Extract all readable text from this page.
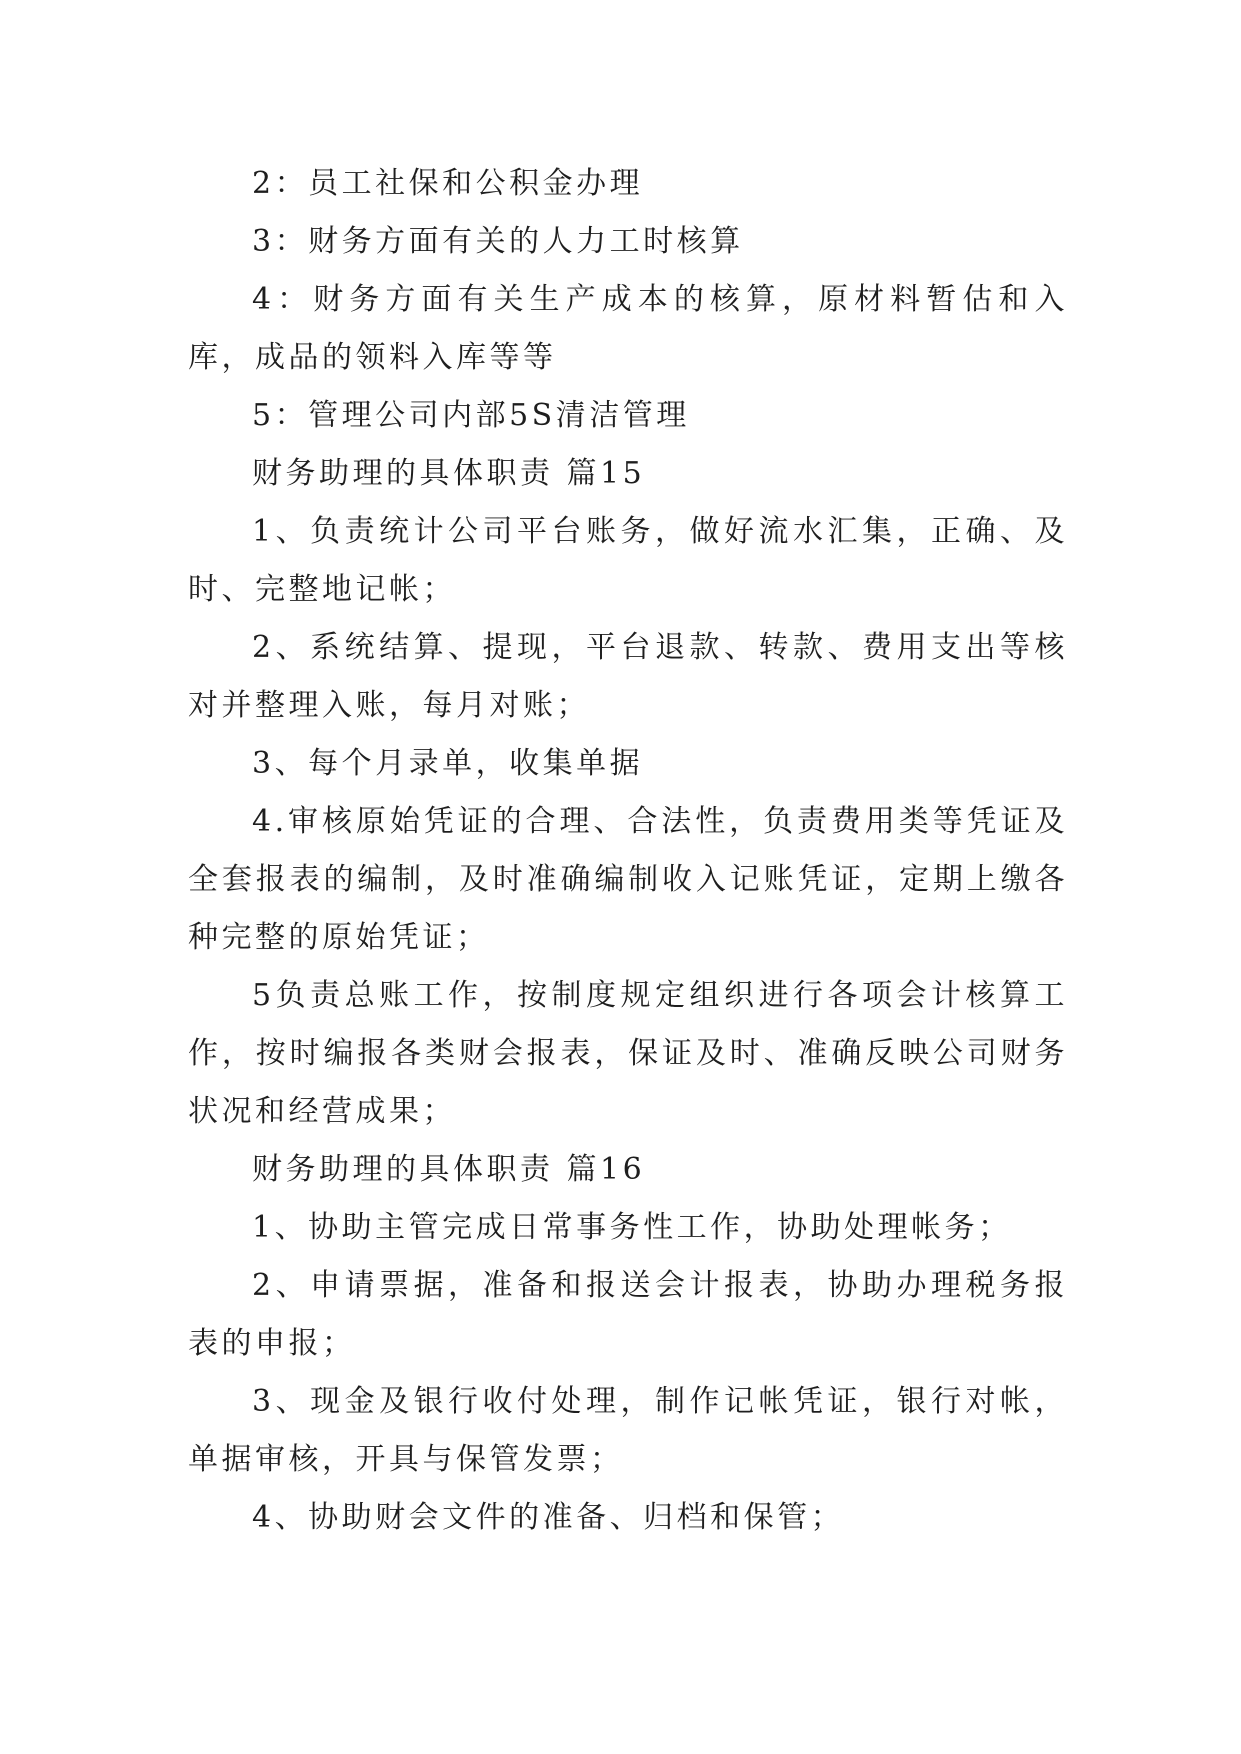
2：员工社保和公积金办理

3：财务方面有关的人力工时核算

4：财务方面有关生产成本的核算，原材料暂估和入库，成品的领料入库等等

5：管理公司内部5S清洁管理

财务助理的具体职责 篇15

1、负责统计公司平台账务，做好流水汇集，正确、及时、完整地记帐；

2、系统结算、提现，平台退款、转款、费用支出等核对并整理入账，每月对账；

3、每个月录单，收集单据

4.审核原始凭证的合理、合法性，负责费用类等凭证及全套报表的编制，及时准确编制收入记账凭证，定期上缴各种完整的原始凭证；

5负责总账工作，按制度规定组织进行各项会计核算工作，按时编报各类财会报表，保证及时、准确反映公司财务状况和经营成果；

财务助理的具体职责 篇16

1、协助主管完成日常事务性工作，协助处理帐务；

2、申请票据，准备和报送会计报表，协助办理税务报表的申报；

3、现金及银行收付处理，制作记帐凭证，银行对帐，单据审核，开具与保管发票；

4、协助财会文件的准备、归档和保管；
